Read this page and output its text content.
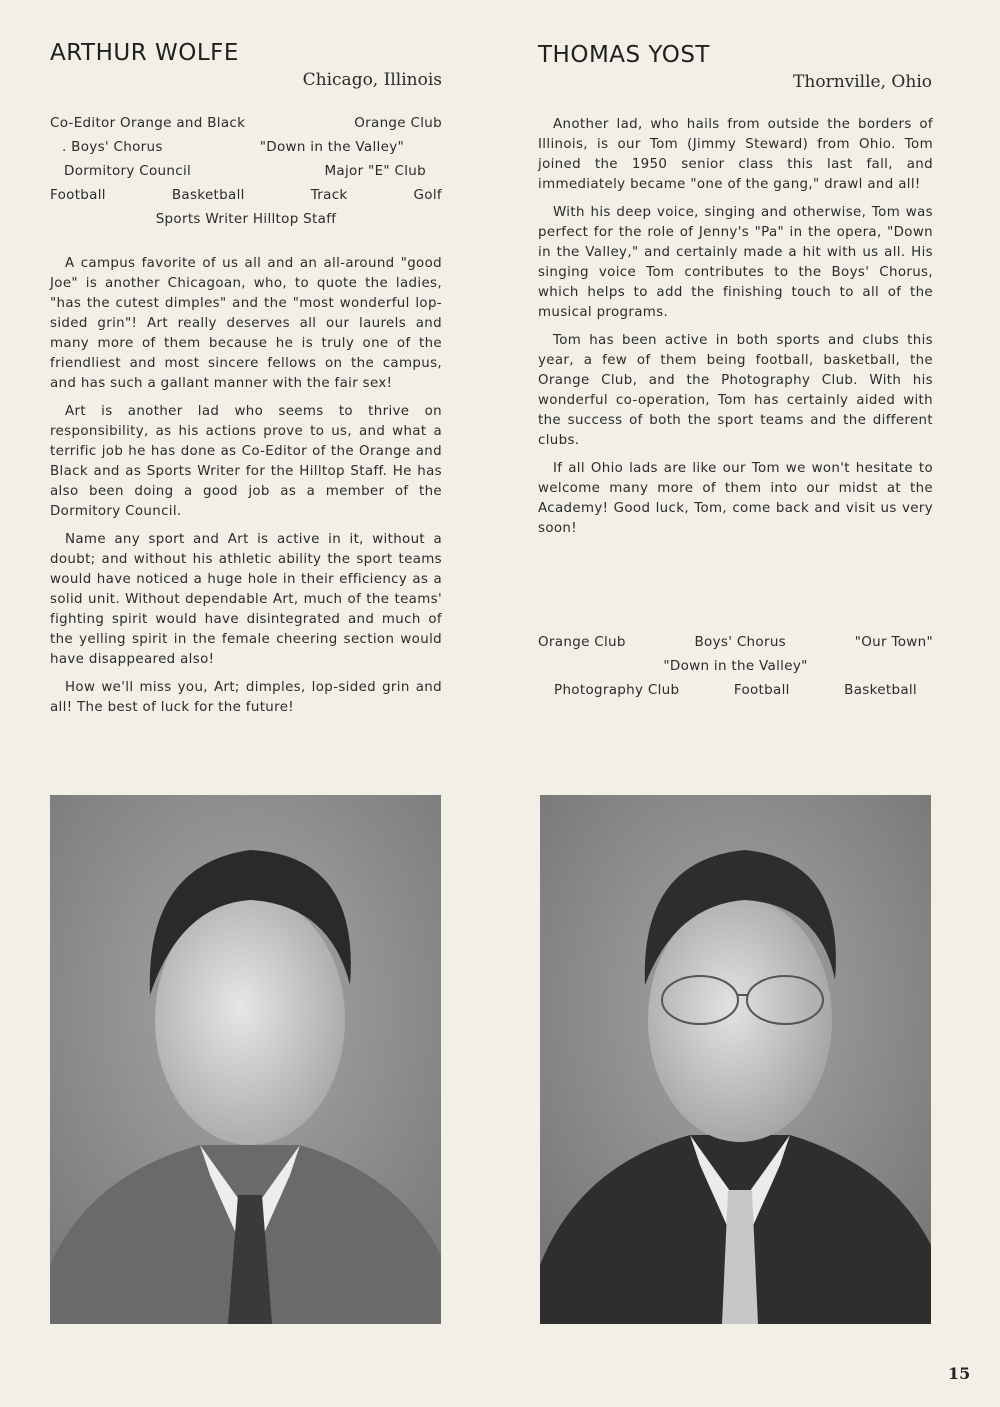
ARTHUR WOLFE
Chicago, Illinois
Co-Editor Orange and Black	Orange Club
. Boys' Chorus	"Down in the Valley"
Dormitory Council	Major "E" Club
Football	Basketball	Track	Golf
Sports Writer Hilltop Staff

A campus favorite of us all and an all-around "good Joe" is another Chicagoan, who, to quote the ladies, "has the cutest dimples" and the "most wonderful lop-sided grin"! Art really deserves all our laurels and many more of them because he is truly one of the friendliest and most sincere fellows on the campus, and has such a gallant manner with the fair sex!

Art is another lad who seems to thrive on responsibility, as his actions prove to us, and what a terrific job he has done as Co-Editor of the Orange and Black and as Sports Writer for the Hilltop Staff. He has also been doing a good job as a member of the Dormitory Council.

Name any sport and Art is active in it, without a doubt; and without his athletic ability the sport teams would have noticed a huge hole in their efficiency as a solid unit. Without dependable Art, much of the teams' fighting spirit would have disintegrated and much of the yelling spirit in the female cheering section would have disappeared also!

How we'll miss you, Art; dimples, lop-sided grin and all! The best of luck for the future!

THOMAS YOST
Thornville, Ohio

Another lad, who hails from outside the borders of Illinois, is our Tom (Jimmy Steward) from Ohio. Tom joined the 1950 senior class this last fall, and immediately became "one of the gang," drawl and all!

With his deep voice, singing and otherwise, Tom was perfect for the role of Jenny's "Pa" in the opera, "Down in the Valley," and certainly made a hit with us all. His singing voice Tom contributes to the Boys' Chorus, which helps to add the finishing touch to all of the musical programs.

Tom has been active in both sports and clubs this year, a few of them being football, basketball, the Orange Club, and the Photography Club. With his wonderful co-operation, Tom has certainly aided with the success of both the sport teams and the different clubs.

If all Ohio lads are like our Tom we won't hesitate to welcome many more of them into our midst at the Academy! Good luck, Tom, come back and visit us very soon!

Orange Club	Boys' Chorus	"Our Town"
"Down in the Valley"
Photography Club	Football	Basketball
15
